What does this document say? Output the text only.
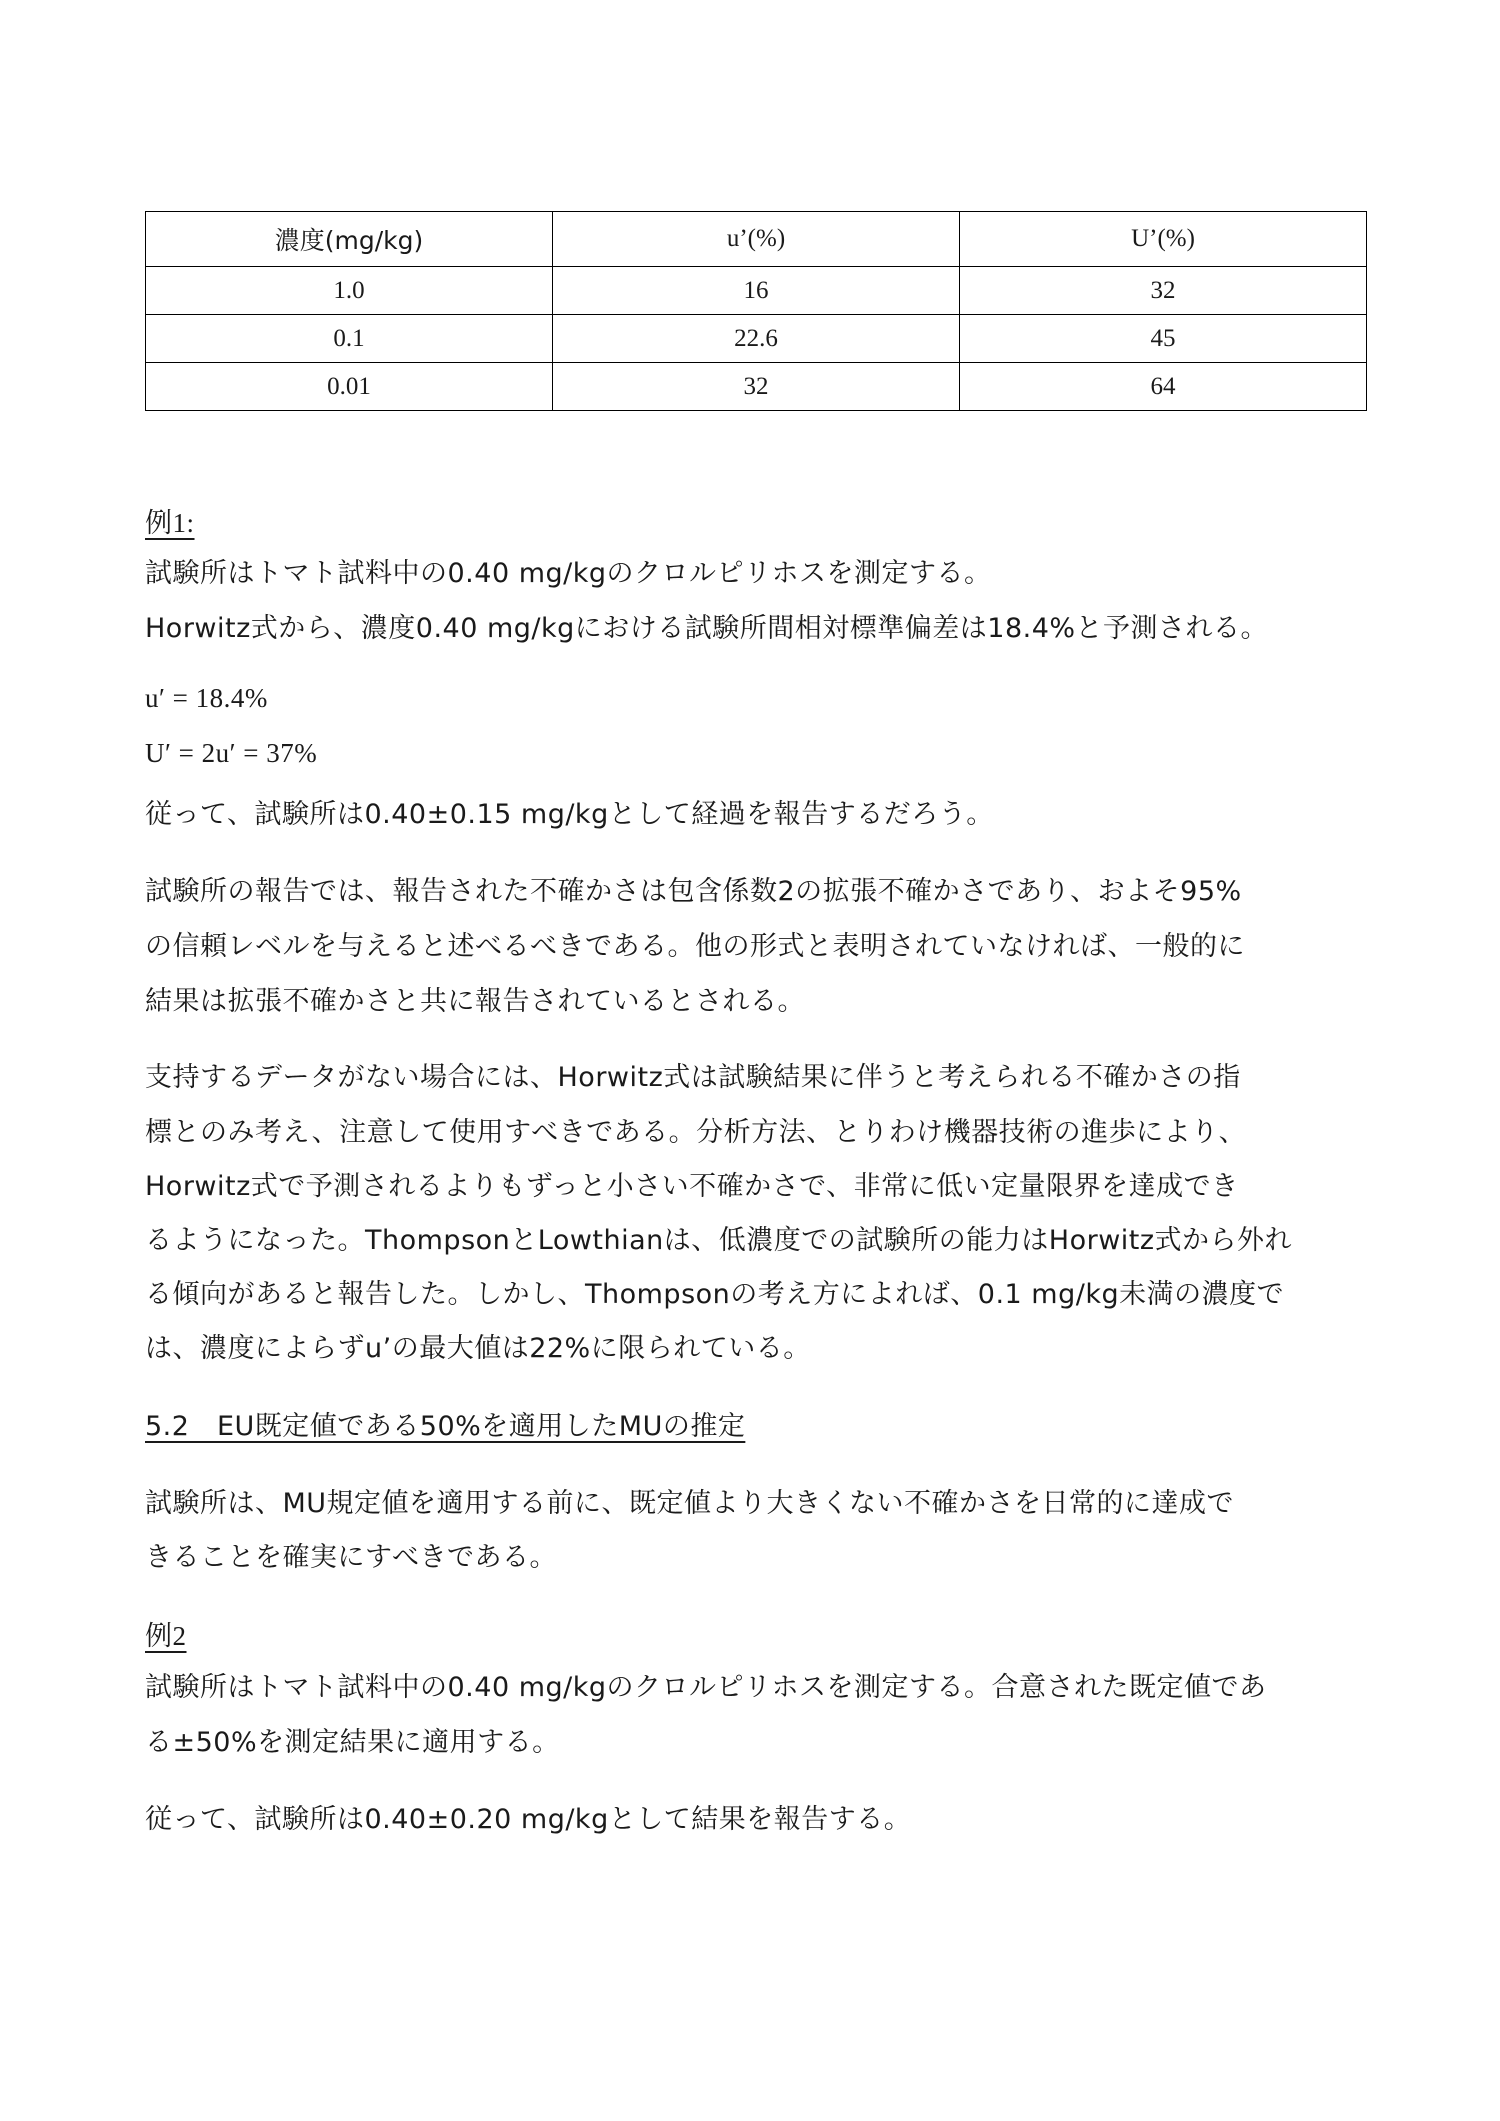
濃度(mg/kg)	u’(%)	U’(%)
1.0	16	32
0.1	22.6	45
0.01	32	64
例1:
試験所はトマト試料中の0.40 mg/kgのクロルピリホスを測定する。
Horwitz式から、濃度0.40 mg/kgにおける試験所間相対標準偏差は18.4%と予測される。
u′ = 18.4%
U′ = 2u′ = 37%
従って、試験所は0.40±0.15 mg/kgとして経過を報告するだろう。
試験所の報告では、報告された不確かさは包含係数2の拡張不確かさであり、およそ95%
の信頼レベルを与えると述べるべきである。他の形式と表明されていなければ、一般的に
結果は拡張不確かさと共に報告されているとされる。
支持するデータがない場合には、Horwitz式は試験結果に伴うと考えられる不確かさの指
標とのみ考え、注意して使用すべきである。分析方法、とりわけ機器技術の進歩により、
Horwitz式で予測されるよりもずっと小さい不確かさで、非常に低い定量限界を達成でき
るようになった。ThompsonとLowthianは、低濃度での試験所の能力はHorwitz式から外れ
る傾向があると報告した。しかし、Thompsonの考え方によれば、0.1 mg/kg未満の濃度で
は、濃度によらずu’の最大値は22%に限られている。
5.2　EU既定値である50%を適用したMUの推定
試験所は、MU規定値を適用する前に、既定値より大きくない不確かさを日常的に達成で
きることを確実にすべきである。
例2
試験所はトマト試料中の0.40 mg/kgのクロルピリホスを測定する。合意された既定値であ
る±50%を測定結果に適用する。
従って、試験所は0.40±0.20 mg/kgとして結果を報告する。
